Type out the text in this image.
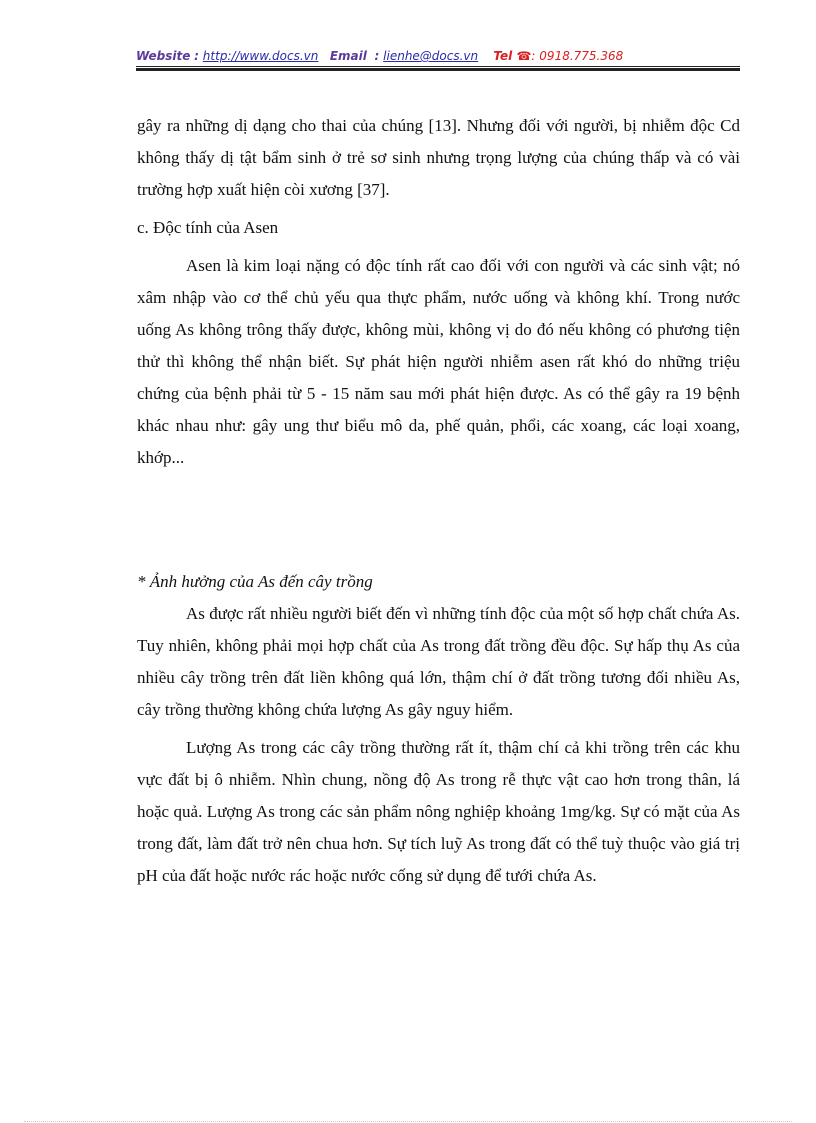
Website : http://www.docs.vn Email : lienhe@docs.vn Tel ☎: 0918.775.368

gây ra những dị dạng cho thai của chúng [13]. Nhưng đối với người, bị nhiễm độc Cd không thấy dị tật bẩm sinh ở trẻ sơ sinh nhưng trọng lượng của chúng thấp và có vài trường hợp xuất hiện còi xương [37].

c. Độc tính của Asen

Asen là kim loại nặng có độc tính rất cao đối với con người và các sinh vật; nó xâm nhập vào cơ thể chủ yếu qua thực phẩm, nước uống và không khí. Trong nước uống As không trông thấy được, không mùi, không vị do đó nếu không có phương tiện thử thì không thể nhận biết. Sự phát hiện người nhiễm asen rất khó do những triệu chứng của bệnh phải từ 5 - 15 năm sau mới phát hiện được. As có thể gây ra 19 bệnh khác nhau như: gây ung thư biểu mô da, phế quản, phổi, các xoang, các loại xoang, khớp...

* Ảnh hưởng của As đến cây trồng

As được rất nhiều người biết đến vì những tính độc của một số hợp chất chứa As. Tuy nhiên, không phải mọi hợp chất của As trong đất trồng đều độc. Sự hấp thụ As của nhiều cây trồng trên đất liền không quá lớn, thậm chí ở đất trồng tương đối nhiều As, cây trồng thường không chứa lượng As gây nguy hiểm.

Lượng As trong các cây trồng thường rất ít, thậm chí cả khi trồng trên các khu vực đất bị ô nhiễm. Nhìn chung, nồng độ As trong rễ thực vật cao hơn trong thân, lá hoặc quả. Lượng As trong các sản phẩm nông nghiệp khoảng 1mg/kg. Sự có mặt của As trong đất, làm đất trở nên chua hơn. Sự tích luỹ As trong đất có thể tuỳ thuộc vào giá trị pH của đất hoặc nước rác hoặc nước cống sử dụng để tưới chứa As.
